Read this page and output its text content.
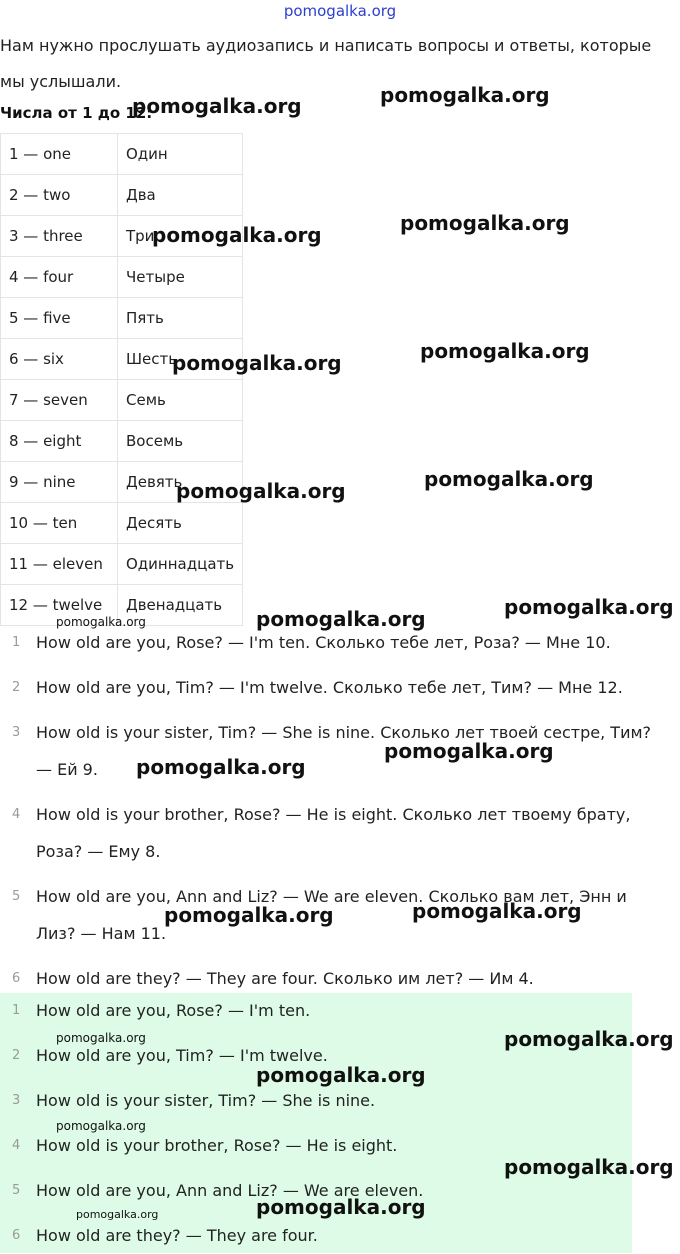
pomogalka.org
Нам нужно прослушать аудиозапись и написать вопросы и ответы, которые мы услышали.
Числа от 1 до 12:
1 — one	Один
2 — two	Два
3 — three	Три
4 — four	Четыре
5 — five	Пять
6 — six	Шесть
7 — seven	Семь
8 — eight	Восемь
9 — nine	Девять
10 — ten	Десять
11 — eleven	Одиннадцать
12 — twelve	Двенадцать
1 How old are you, Rose? — I'm ten. Сколько тебе лет, Роза? — Мне 10.
2 How old are you, Tim? — I'm twelve. Сколько тебе лет, Тим? — Мне 12.
3 How old is your sister, Tim? — She is nine. Сколько лет твоей сестре, Тим? — Ей 9.
4 How old is your brother, Rose? — He is eight. Сколько лет твоему брату, Роза? — Ему 8.
5 How old are you, Ann and Liz? — We are eleven. Сколько вам лет, Энн и Лиз? — Нам 11.
6 How old are they? — They are four. Сколько им лет? — Им 4.
1 How old are you, Rose? — I'm ten.
2 How old are you, Tim? — I'm twelve.
3 How old is your sister, Tim? — She is nine.
4 How old is your brother, Rose? — He is eight.
5 How old are you, Ann and Liz? — We are eleven.
6 How old are they? — They are four.
pomogalka.org	pomogalka.org
pomogalka.org	pomogalka.org
pomogalka.org	pomogalka.org
pomogalka.org	pomogalka.org
pomogalka.org	pomogalka.org	pomogalka.org
pomogalka.org
pomogalka.org
pomogalka.org	pomogalka.org
pomogalka.org	pomogalka.org
pomogalka.org
pomogalka.org
pomogalka.org
pomogalka.org	pomogalka.org
